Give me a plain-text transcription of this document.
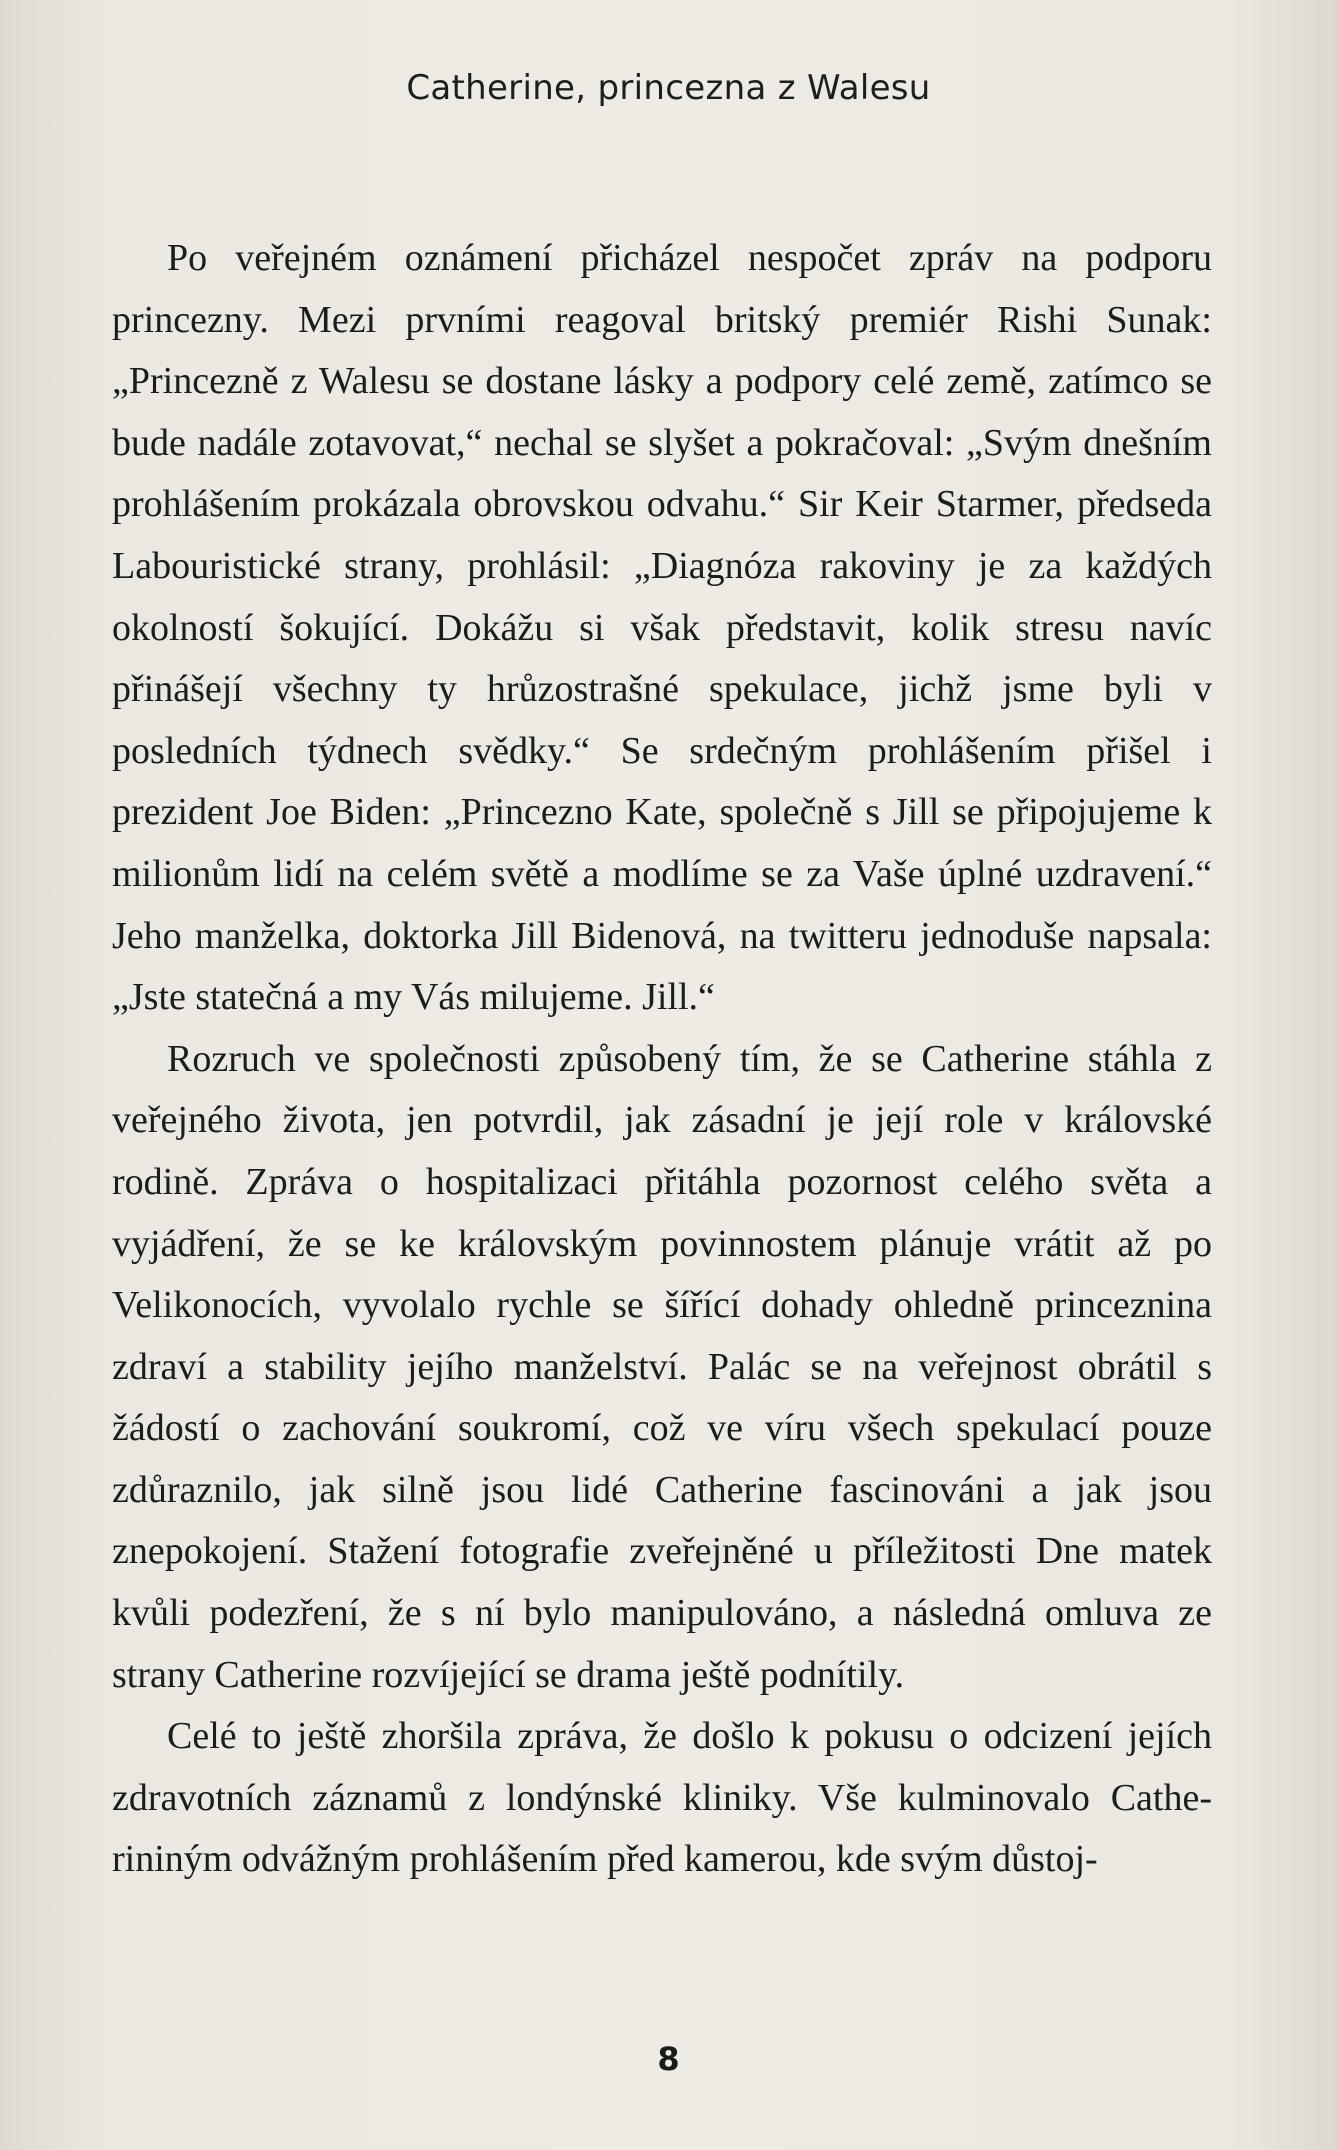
Catherine, princezna z Walesu

Po veřejném oznámení přicházel nespočet zpráv na podporu princezny. Mezi prvními reagoval britský premiér Rishi Sunak: „Princezně z Walesu se dostane lásky a podpory celé země, zatímco se bude nadále zotavovat,“ nechal se slyšet a pokračoval: „Svým dnešním prohlášením prokázala obrovskou odvahu.“ Sir Keir Starmer, předseda Labouristické strany, prohlásil: „Diagnóza rakoviny je za každých okolností šokující. Dokážu si však představit, kolik stresu navíc přinášejí všechny ty hrůzostrašné spekulace, jichž jsme byli v posledních týdnech svědky.“ Se srdečným prohlášením přišel i prezident Joe Biden: „Princezno Kate, společně s Jill se připojujeme k milionům lidí na celém světě a modlíme se za Vaše úplné uzdravení.“ Jeho manželka, doktorka Jill Bidenová, na twitteru jednoduše napsala: „Jste statečná a my Vás milujeme. Jill.“

Rozruch ve společnosti způsobený tím, že se Catherine stáhla z veřejného života, jen potvrdil, jak zásadní je její role v královské rodině. Zpráva o hospitalizaci přitáhla pozornost celého světa a vyjádření, že se ke královským povinnostem plánuje vrátit až po Velikonocích, vyvolalo rychle se šířící dohady ohledně princeznina zdraví a stability jejího manželství. Palác se na veřejnost obrátil s žádostí o zachování soukromí, což ve víru všech spekulací pouze zdůraznilo, jak silně jsou lidé Catherine fascinováni a jak jsou znepokojení. Stažení fotografie zveřejněné u příležitosti Dne matek kvůli podezření, že s ní bylo manipulováno, a následná omluva ze strany Catherine rozvíjející se drama ještě podnítily.

Celé to ještě zhoršila zpráva, že došlo k pokusu o odcizení jejích zdravotních záznamů z londýnské kliniky. Vše kulminovalo Catherininým odvážným prohlášením před kamerou, kde svým důstoj-

8
